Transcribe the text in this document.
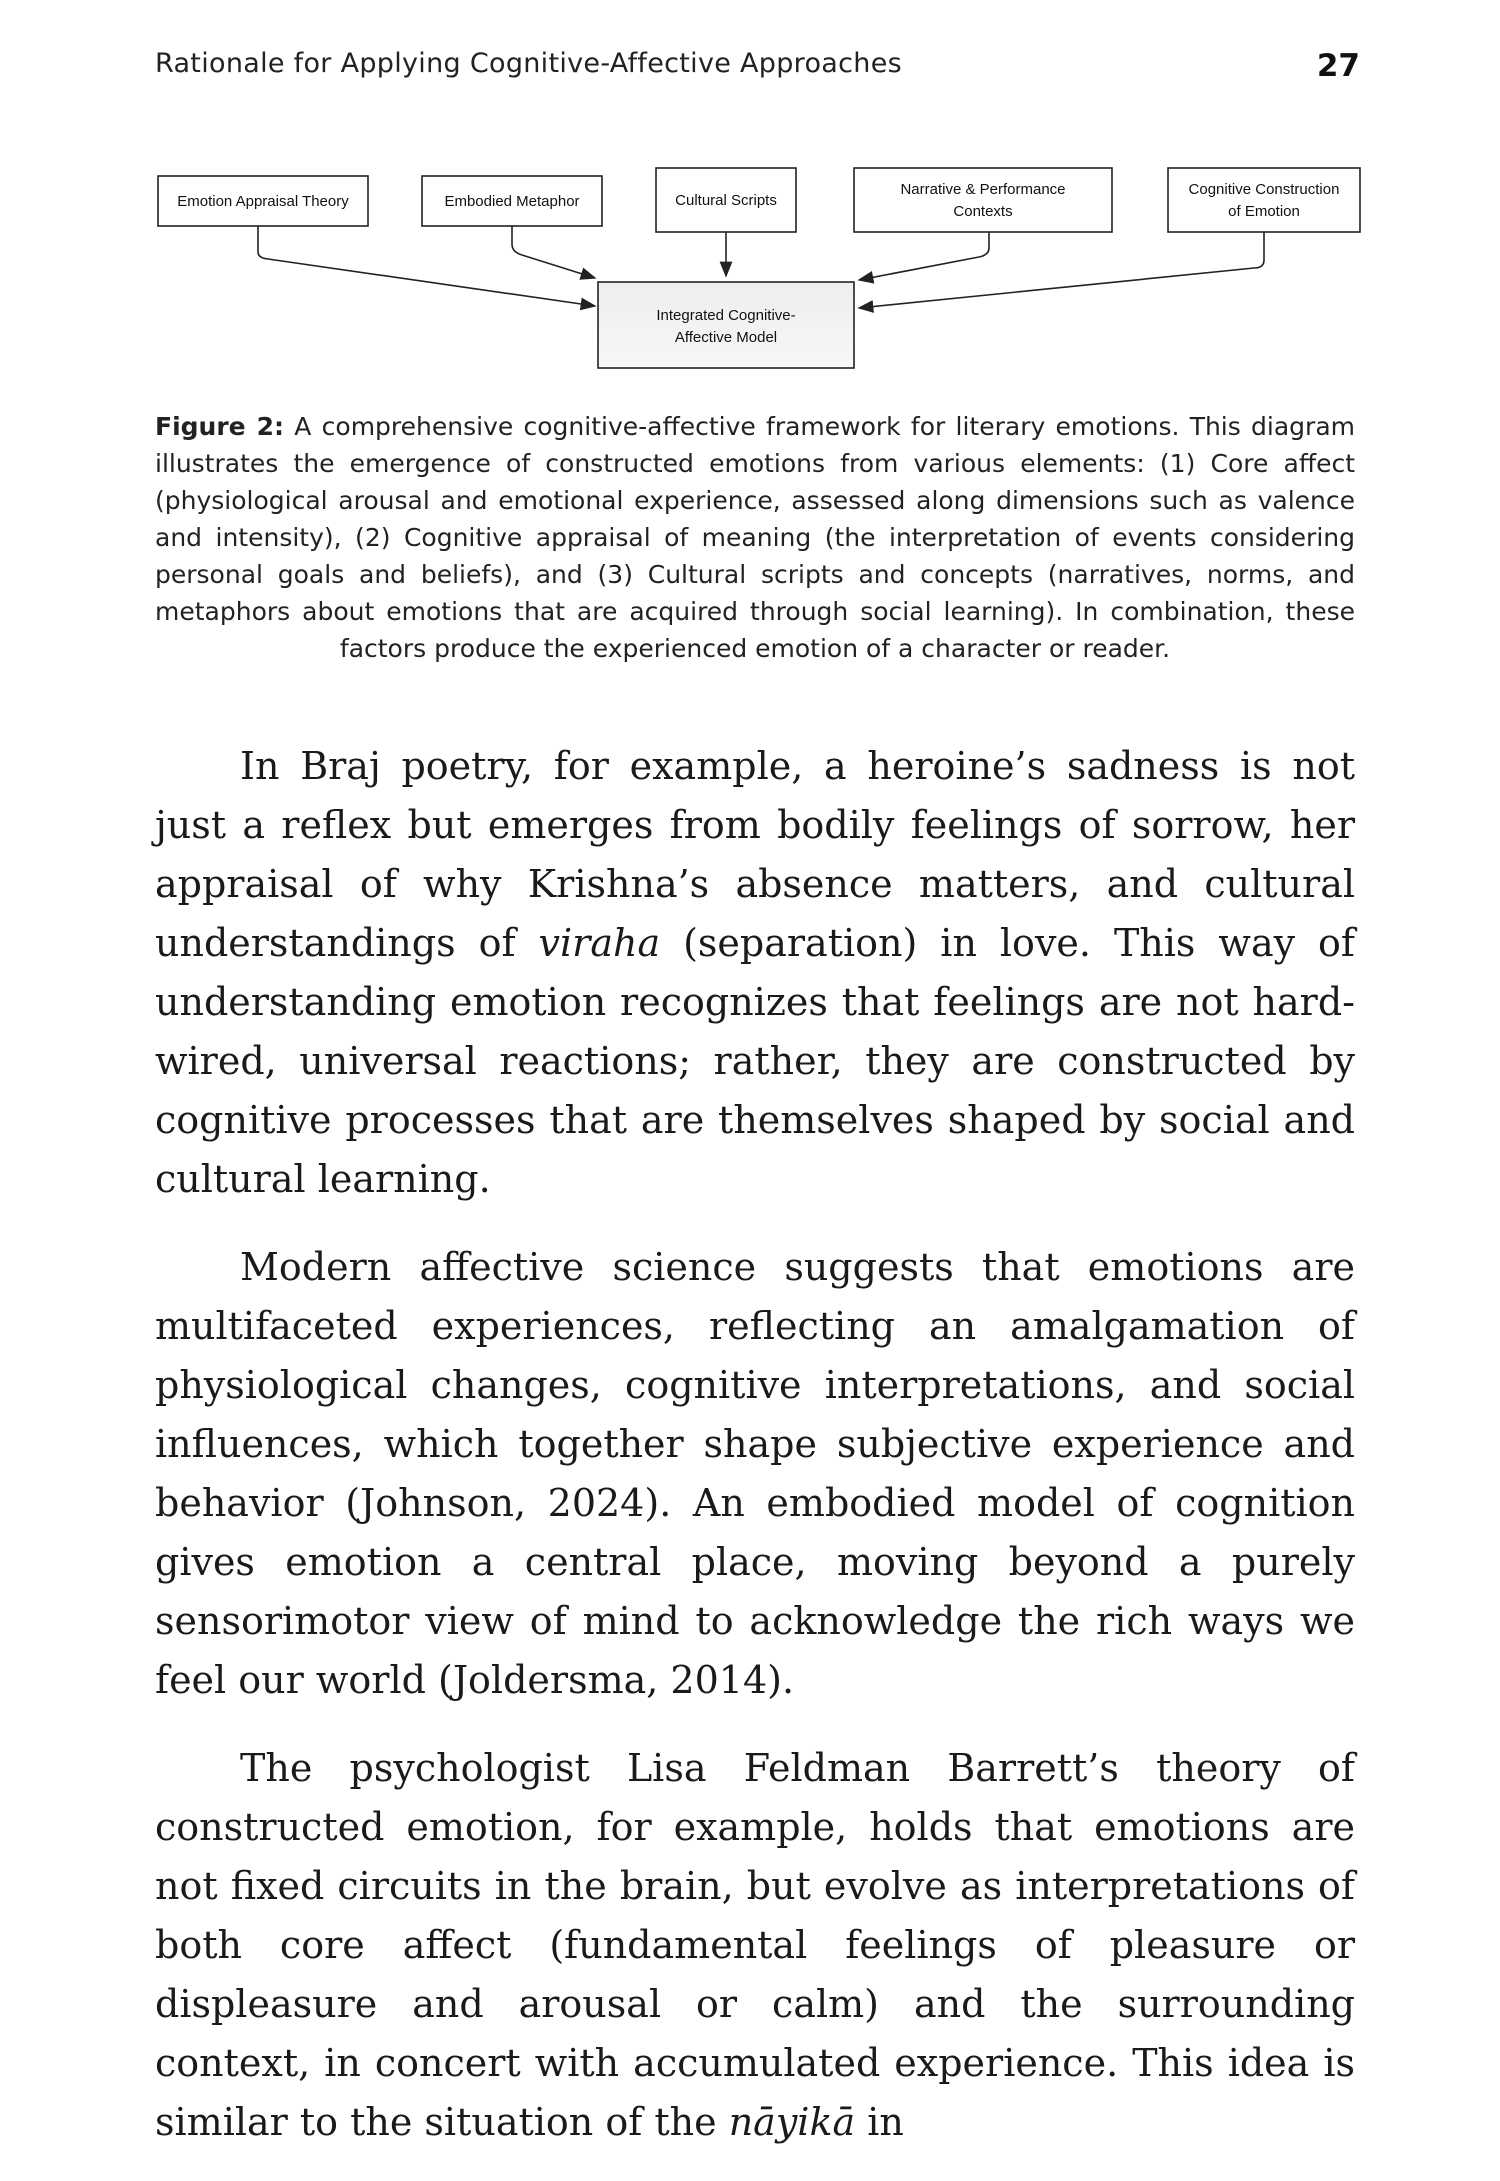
Rationale for Applying Cognitive-Affective Approaches	27
Emotion Appraisal Theory	Embodied Metaphor	Cultural Scripts
Narrative & Performance
Contexts
Cognitive Construction
of Emotion
Integrated Cognitive-
Affective Model
Figure 2: A comprehensive cognitive-affective framework for literary emotions. This diagram illustrates the emergence of constructed emotions from various elements: (1) Core affect (physiological arousal and emotional experience, assessed along dimensions such as valence and intensity), (2) Cognitive appraisal of meaning (the interpretation of events considering personal goals and beliefs), and (3) Cultural scripts and concepts (narratives, norms, and metaphors about emotions that are acquired through social learning). In combination, these factors produce the experienced emotion of a character or reader.

In Braj poetry, for example, a heroine’s sadness is not just a reflex but emerges from bodily feelings of sorrow, her appraisal of why Krishna’s absence matters, and cultural understandings of viraha (separation) in love. This way of understanding emotion recognizes that feelings are not hard-wired, universal reactions; rather, they are constructed by cognitive processes that are themselves shaped by social and cultural learning.

Modern affective science suggests that emotions are multifaceted experiences, reflecting an amalgamation of physiological changes, cognitive interpretations, and social influences, which together shape subjective experience and behavior (Johnson, 2024). An embodied model of cognition gives emotion a central place, moving beyond a purely sensorimotor view of mind to acknowledge the rich ways we feel our world (Joldersma, 2014).

The psychologist Lisa Feldman Barrett’s theory of constructed emotion, for example, holds that emotions are not fixed circuits in the brain, but evolve as interpretations of both core affect (fundamental feelings of pleasure or displeasure and arousal or calm) and the surrounding context, in concert with accumulated experience. This idea is similar to the situation of the nāyikā in
